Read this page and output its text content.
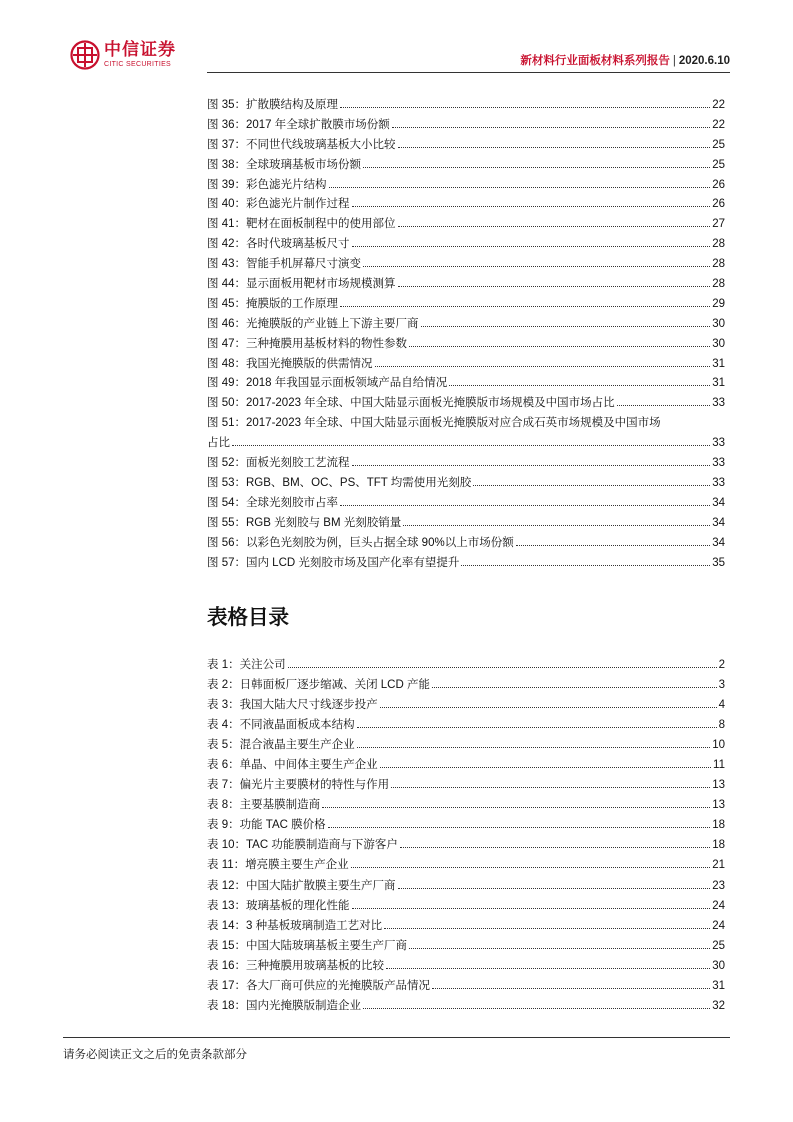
中信证券
CITIC SECURITIES	新材料行业面板材料系列报告 | 2020.6.10
图 35：扩散膜结构及原理	22
图 36：2017 年全球扩散膜市场份额	22
图 37：不同世代线玻璃基板大小比较	25
图 38：全球玻璃基板市场份额	25
图 39：彩色滤光片结构	26
图 40：彩色滤光片制作过程	26
图 41：靶材在面板制程中的使用部位	27
图 42：各时代玻璃基板尺寸	28
图 43：智能手机屏幕尺寸演变	28
图 44：显示面板用靶材市场规模测算	28
图 45：掩膜版的工作原理	29
图 46：光掩膜版的产业链上下游主要厂商	30
图 47：三种掩膜用基板材料的物性参数	30
图 48：我国光掩膜版的供需情况	31
图 49：2018 年我国显示面板领域产品自给情况	31
图 50：2017-2023 年全球、中国大陆显示面板光掩膜版市场规模及中国市场占比	33
图 51：2017-2023 年全球、中国大陆显示面板光掩膜版对应合成石英市场规模及中国市场
占比	33
图 52：面板光刻胶工艺流程	33
图 53：RGB、BM、OC、PS、TFT 均需使用光刻胶	33
图 54：全球光刻胶市占率	34
图 55：RGB 光刻胶与 BM 光刻胶销量	34
图 56：以彩色光刻胶为例，巨头占据全球 90%以上市场份额	34
图 57：国内 LCD 光刻胶市场及国产化率有望提升	35
表格目录
表 1：关注公司	2
表 2：日韩面板厂逐步缩减、关闭 LCD 产能	3
表 3：我国大陆大尺寸线逐步投产	4
表 4：不同液晶面板成本结构	8
表 5：混合液晶主要生产企业	10
表 6：单晶、中间体主要生产企业	11
表 7：偏光片主要膜材的特性与作用	13
表 8：主要基膜制造商	13
表 9：功能 TAC 膜价格	18
表 10：TAC 功能膜制造商与下游客户	18
表 11：增亮膜主要生产企业	21
表 12：中国大陆扩散膜主要生产厂商	23
表 13：玻璃基板的理化性能	24
表 14：3 种基板玻璃制造工艺对比	24
表 15：中国大陆玻璃基板主要生产厂商	25
表 16：三种掩膜用玻璃基板的比较	30
表 17：各大厂商可供应的光掩膜版产品情况	31
表 18：国内光掩膜版制造企业	32
请务必阅读正文之后的免责条款部分
